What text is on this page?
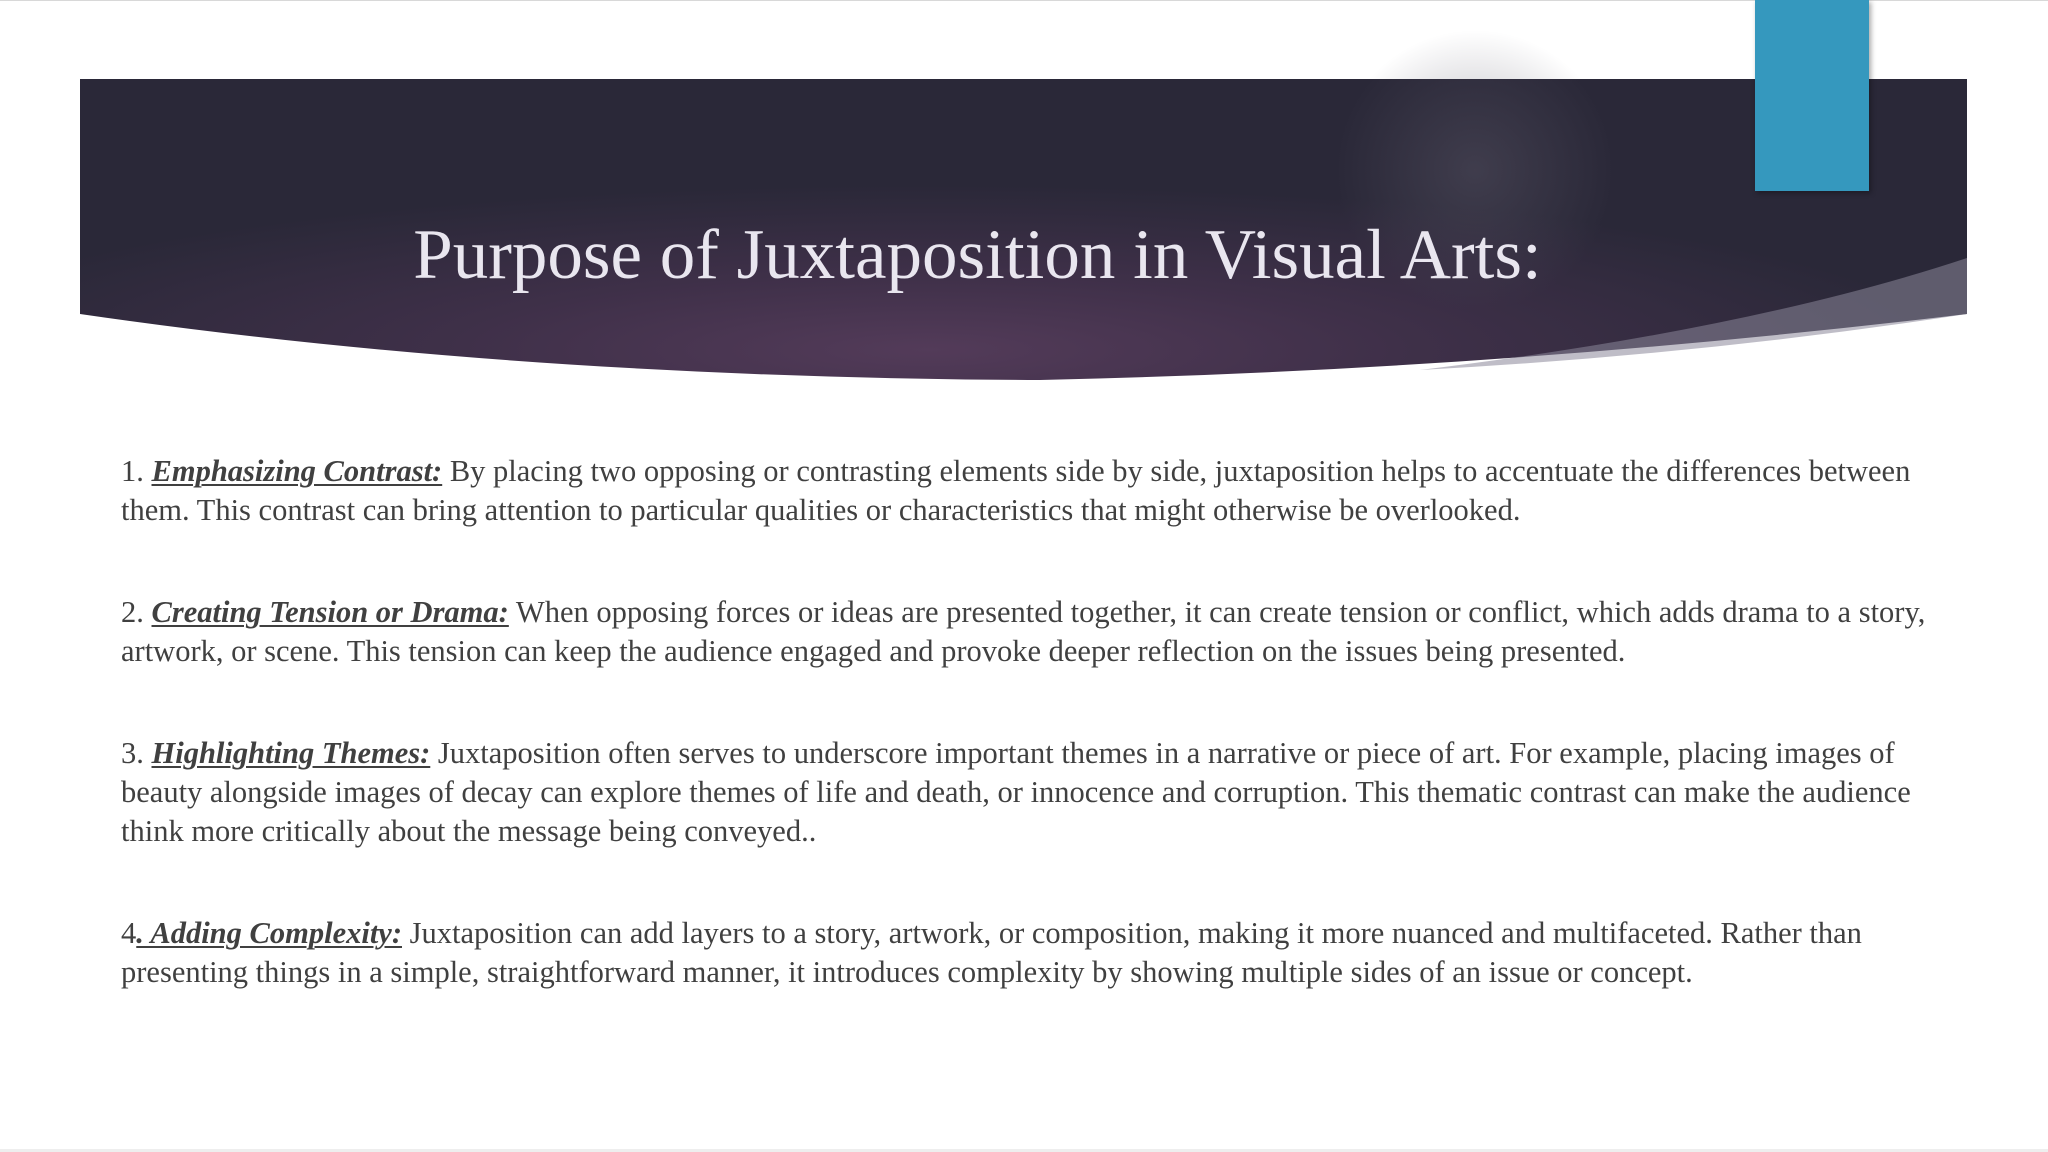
Purpose of Juxtaposition in Visual Arts:

1. Emphasizing Contrast: By placing two opposing or contrasting elements side by side, juxtaposition helps to accentuate the differences between them. This contrast can bring attention to particular qualities or characteristics that might otherwise be overlooked.

2. Creating Tension or Drama: When opposing forces or ideas are presented together, it can create tension or conflict, which adds drama to a story, artwork, or scene. This tension can keep the audience engaged and provoke deeper reflection on the issues being presented.

3. Highlighting Themes: Juxtaposition often serves to underscore important themes in a narrative or piece of art. For example, placing images of beauty alongside images of decay can explore themes of life and death, or innocence and corruption. This thematic contrast can make the audience think more critically about the message being conveyed..

4. Adding Complexity: Juxtaposition can add layers to a story, artwork, or composition, making it more nuanced and multifaceted. Rather than presenting things in a simple, straightforward manner, it introduces complexity by showing multiple sides of an issue or concept.
